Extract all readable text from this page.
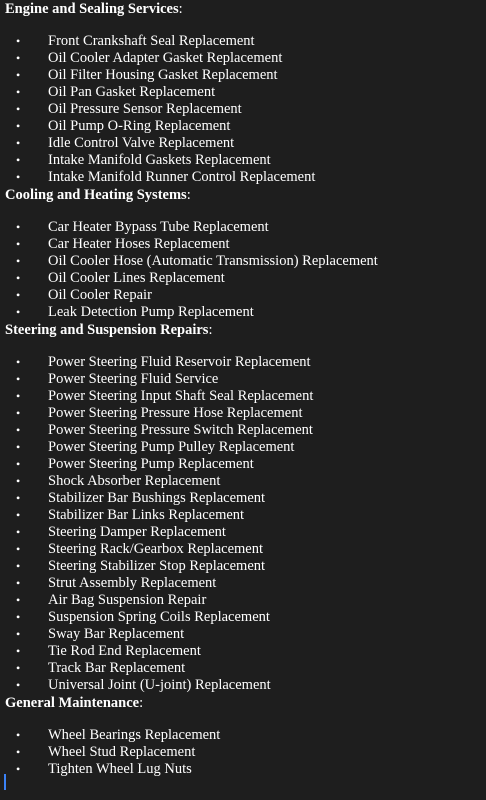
Engine and Sealing Services:
• Front Crankshaft Seal Replacement
• Oil Cooler Adapter Gasket Replacement
• Oil Filter Housing Gasket Replacement
• Oil Pan Gasket Replacement
• Oil Pressure Sensor Replacement
• Oil Pump O-Ring Replacement
• Idle Control Valve Replacement
• Intake Manifold Gaskets Replacement
• Intake Manifold Runner Control Replacement
Cooling and Heating Systems:
• Car Heater Bypass Tube Replacement
• Car Heater Hoses Replacement
• Oil Cooler Hose (Automatic Transmission) Replacement
• Oil Cooler Lines Replacement
• Oil Cooler Repair
• Leak Detection Pump Replacement
Steering and Suspension Repairs:
• Power Steering Fluid Reservoir Replacement
• Power Steering Fluid Service
• Power Steering Input Shaft Seal Replacement
• Power Steering Pressure Hose Replacement
• Power Steering Pressure Switch Replacement
• Power Steering Pump Pulley Replacement
• Power Steering Pump Replacement
• Shock Absorber Replacement
• Stabilizer Bar Bushings Replacement
• Stabilizer Bar Links Replacement
• Steering Damper Replacement
• Steering Rack/Gearbox Replacement
• Steering Stabilizer Stop Replacement
• Strut Assembly Replacement
• Air Bag Suspension Repair
• Suspension Spring Coils Replacement
• Sway Bar Replacement
• Tie Rod End Replacement
• Track Bar Replacement
• Universal Joint (U-joint) Replacement
General Maintenance:
• Wheel Bearings Replacement
• Wheel Stud Replacement
• Tighten Wheel Lug Nuts
